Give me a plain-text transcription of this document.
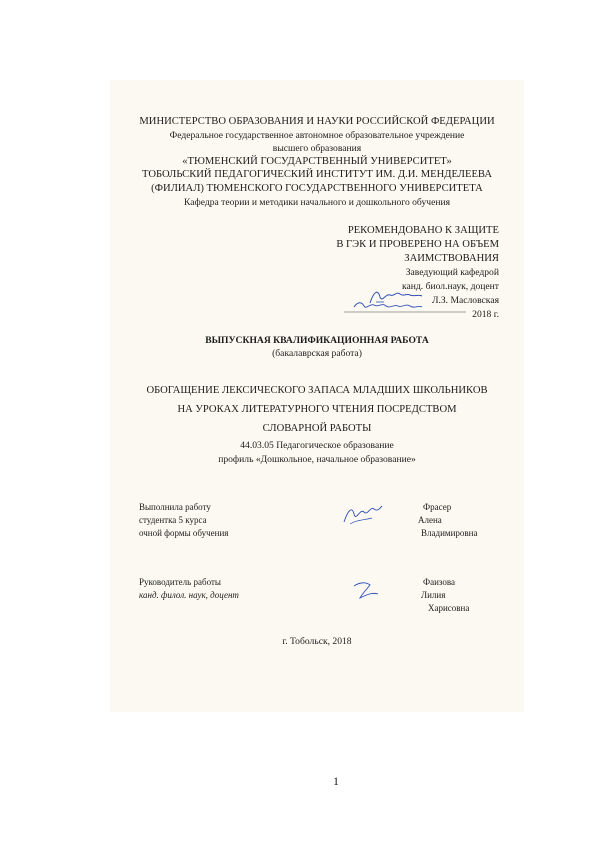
МИНИСТЕРСТВО ОБРАЗОВАНИЯ И НАУКИ РОССИЙСКОЙ ФЕДЕРАЦИИ
Федеральное государственное автономное образовательное учреждение
высшего образования
«ТЮМЕНСКИЙ ГОСУДАРСТВЕННЫЙ УНИВЕРСИТЕТ»
ТОБОЛЬСКИЙ ПЕДАГОГИЧЕСКИЙ ИНСТИТУТ ИМ. Д.И. МЕНДЕЛЕЕВА
(ФИЛИАЛ) ТЮМЕНСКОГО ГОСУДАРСТВЕННОГО УНИВЕРСИТЕТА
Кафедра теории и методики начального и дошкольного обучения
РЕКОМЕНДОВАНО К ЗАЩИТЕ
В ГЭК И ПРОВЕРЕНО НА ОБЪЕМ
ЗАИМСТВОВАНИЯ
Заведующий кафедрой
канд. биол.наук, доцент
Л.З. Масловская
2018 г.
ВЫПУСКНАЯ КВАЛИФИКАЦИОННАЯ РАБОТА
(бакалаврская работа)
ОБОГАЩЕНИЕ ЛЕКСИЧЕСКОГО ЗАПАСА МЛАДШИХ ШКОЛЬНИКОВ
НА УРОКАХ ЛИТЕРАТУРНОГО ЧТЕНИЯ ПОСРЕДСТВОМ
СЛОВАРНОЙ РАБОТЫ
44.03.05 Педагогическое образование
профиль «Дошкольное, начальное образование»
Выполнила работу
студентка 5 курса
очной формы обучения
Фрасер
Алена
Владимировна
Руководитель работы
канд. филол. наук, доцент
Фаизова
Лилия
Харисовна
г. Тобольск, 2018
1
